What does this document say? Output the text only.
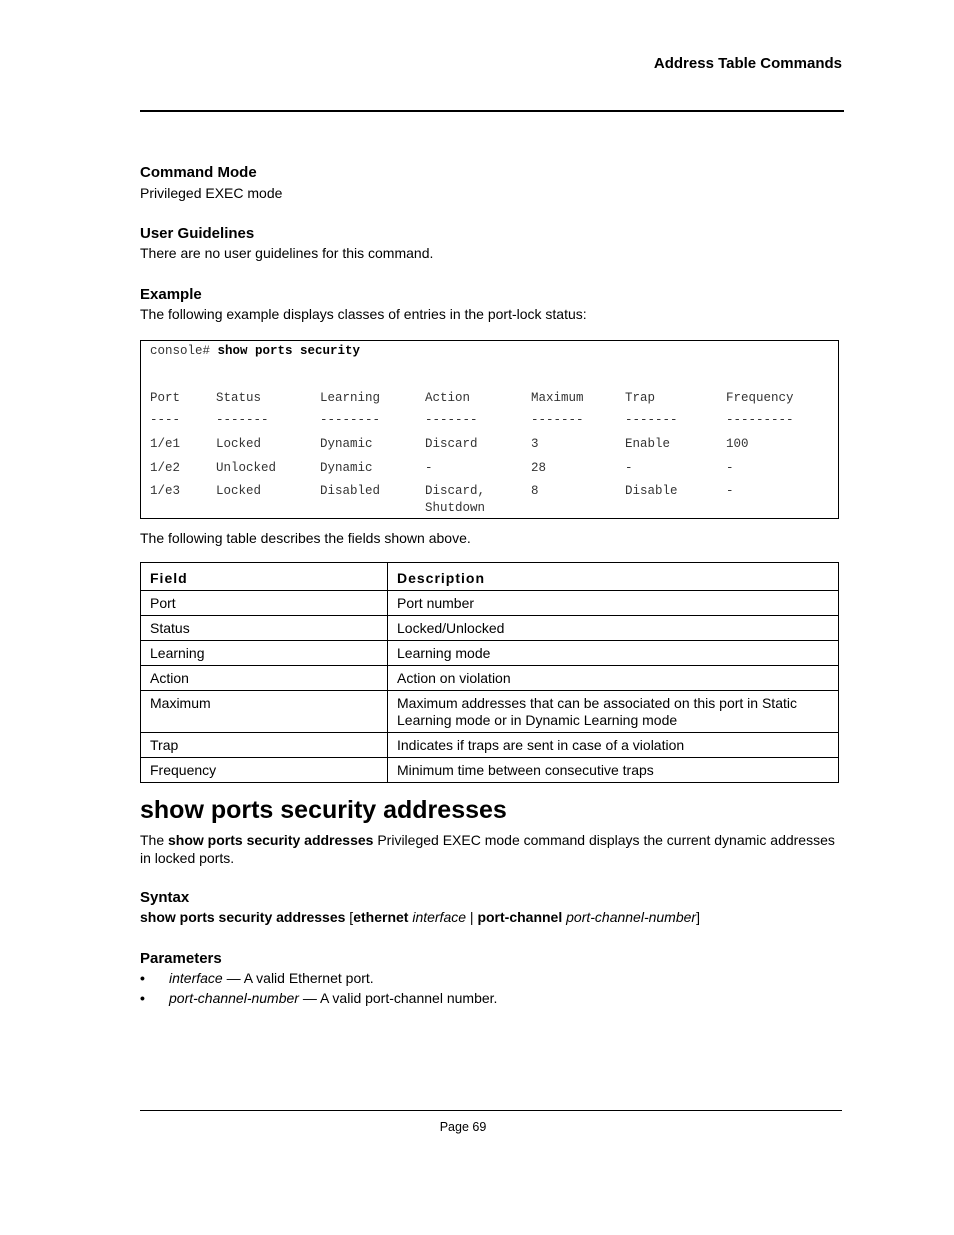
Address Table Commands

Command Mode

Privileged EXEC mode

User Guidelines

There are no user guidelines for this command.

Example

The following example displays classes of entries in the port-lock status:

console# show ports security
Port	Status	Learning	Action	Maximum	Trap	Frequency
----	-------	--------	-------	-------	-------	---------
1/e1	Locked	Dynamic	Discard	3	Enable	100
1/e2	Unlocked	Dynamic	-	28	-	-
1/e3	Locked	Disabled	Discard,	8	Disable	-
Shutdown

The following table describes the fields shown above.

Field	Description
Port	Port number
Status	Locked/Unlocked
Learning	Learning mode
Action	Action on violation
Maximum	Maximum addresses that can be associated on this port in Static Learning mode or in Dynamic Learning mode
Trap	Indicates if traps are sent in case of a violation
Frequency	Minimum time between consecutive traps
show ports security addresses

The show ports security addresses Privileged EXEC mode command displays the current dynamic addresses in locked ports.

Syntax

show ports security addresses [ethernet interface | port-channel port-channel-number]

Parameters

• interface — A valid Ethernet port.
• port-channel-number — A valid port-channel number.
Page 69
